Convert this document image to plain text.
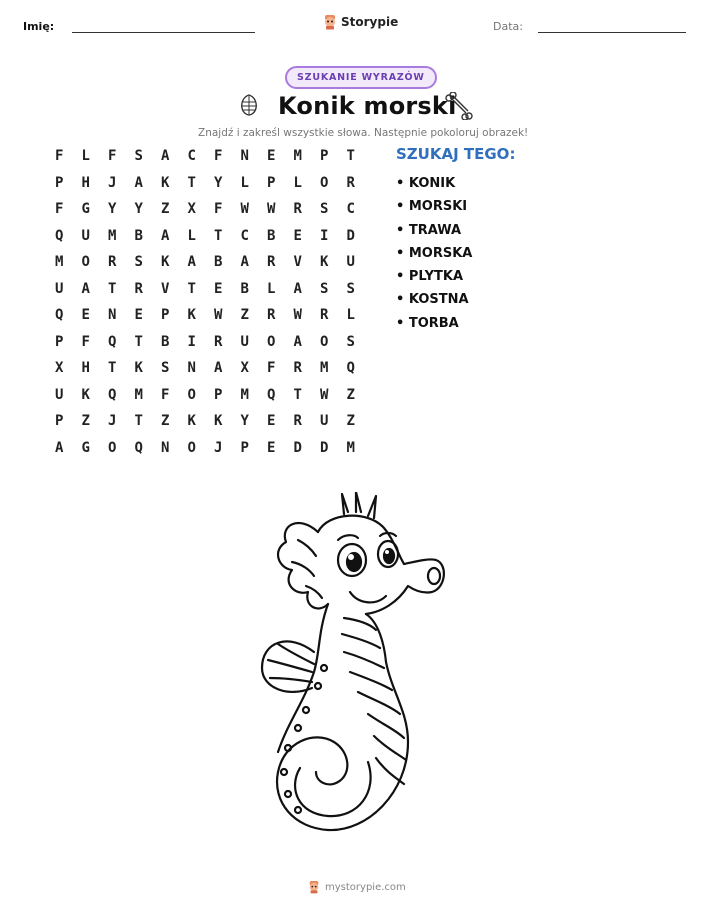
Imię:	Storypie	Data:
SZUKANIE WYRAZÓW
Konik morski
Znajdź i zakreśl wszystkie słowa. Następnie pokoloruj obrazek!
F	L	F	S	A	C	F	N	E	M	P	T
P	H	J	A	K	T	Y	L	P	L	O	R
F	G	Y	Y	Z	X	F	W	W	R	S	C
Q	U	M	B	A	L	T	C	B	E	I	D
M	O	R	S	K	A	B	A	R	V	K	U
U	A	T	R	V	T	E	B	L	A	S	S
Q	E	N	E	P	K	W	Z	R	W	R	L
P	F	Q	T	B	I	R	U	O	A	O	S
X	H	T	K	S	N	A	X	F	R	M	Q
U	K	Q	M	F	O	P	M	Q	T	W	Z
P	Z	J	T	Z	K	K	Y	E	R	U	Z
A	G	O	Q	N	O	J	P	E	D	D	M
SZUKAJ TEGO:
• KONIK
• MORSKI
• TRAWA
• MORSKA
• PLYTKA
• KOSTNA
• TORBA
mystorypie.com
